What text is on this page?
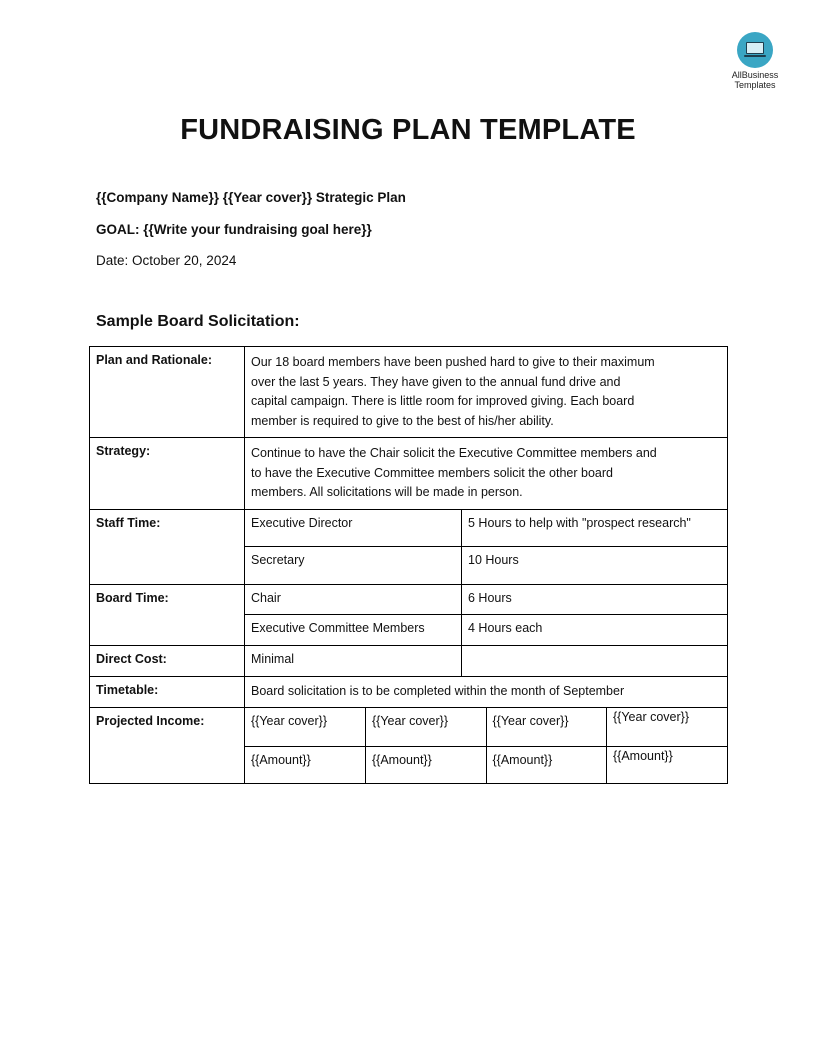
AllBusiness
Templates
FUNDRAISING PLAN TEMPLATE
{{Company Name}} {{Year cover}} Strategic Plan
GOAL: {{Write your fundraising goal here}}
Date: October 20, 2024
Sample Board Solicitation:
Plan and Rationale:	Our 18 board members have been pushed hard to give to their maximum
over the last 5 years. They have given to the annual fund drive and
capital campaign. There is little room for improved giving. Each board
member is required to give to the best of his/her ability.

Strategy:	Continue to have the Chair solicit the Executive Committee members and
to have the Executive Committee members solicit the other board
members. All solicitations will be made in person.

Staff Time:		Executive Director	5 Hours to help with "prospect research"
Secretary	10 Hours

Board Time:		Chair	6 Hours
Executive Committee Members	4 Hours each

Direct Cost:		Minimal	

Timetable:	Board solicitation is to be completed within the month of September
Projected Income:		{{Year cover}}	{{Year cover}}	{{Year cover}}	{{Year cover}}
{{Amount}}	{{Amount}}	{{Amount}}	{{Amount}}
